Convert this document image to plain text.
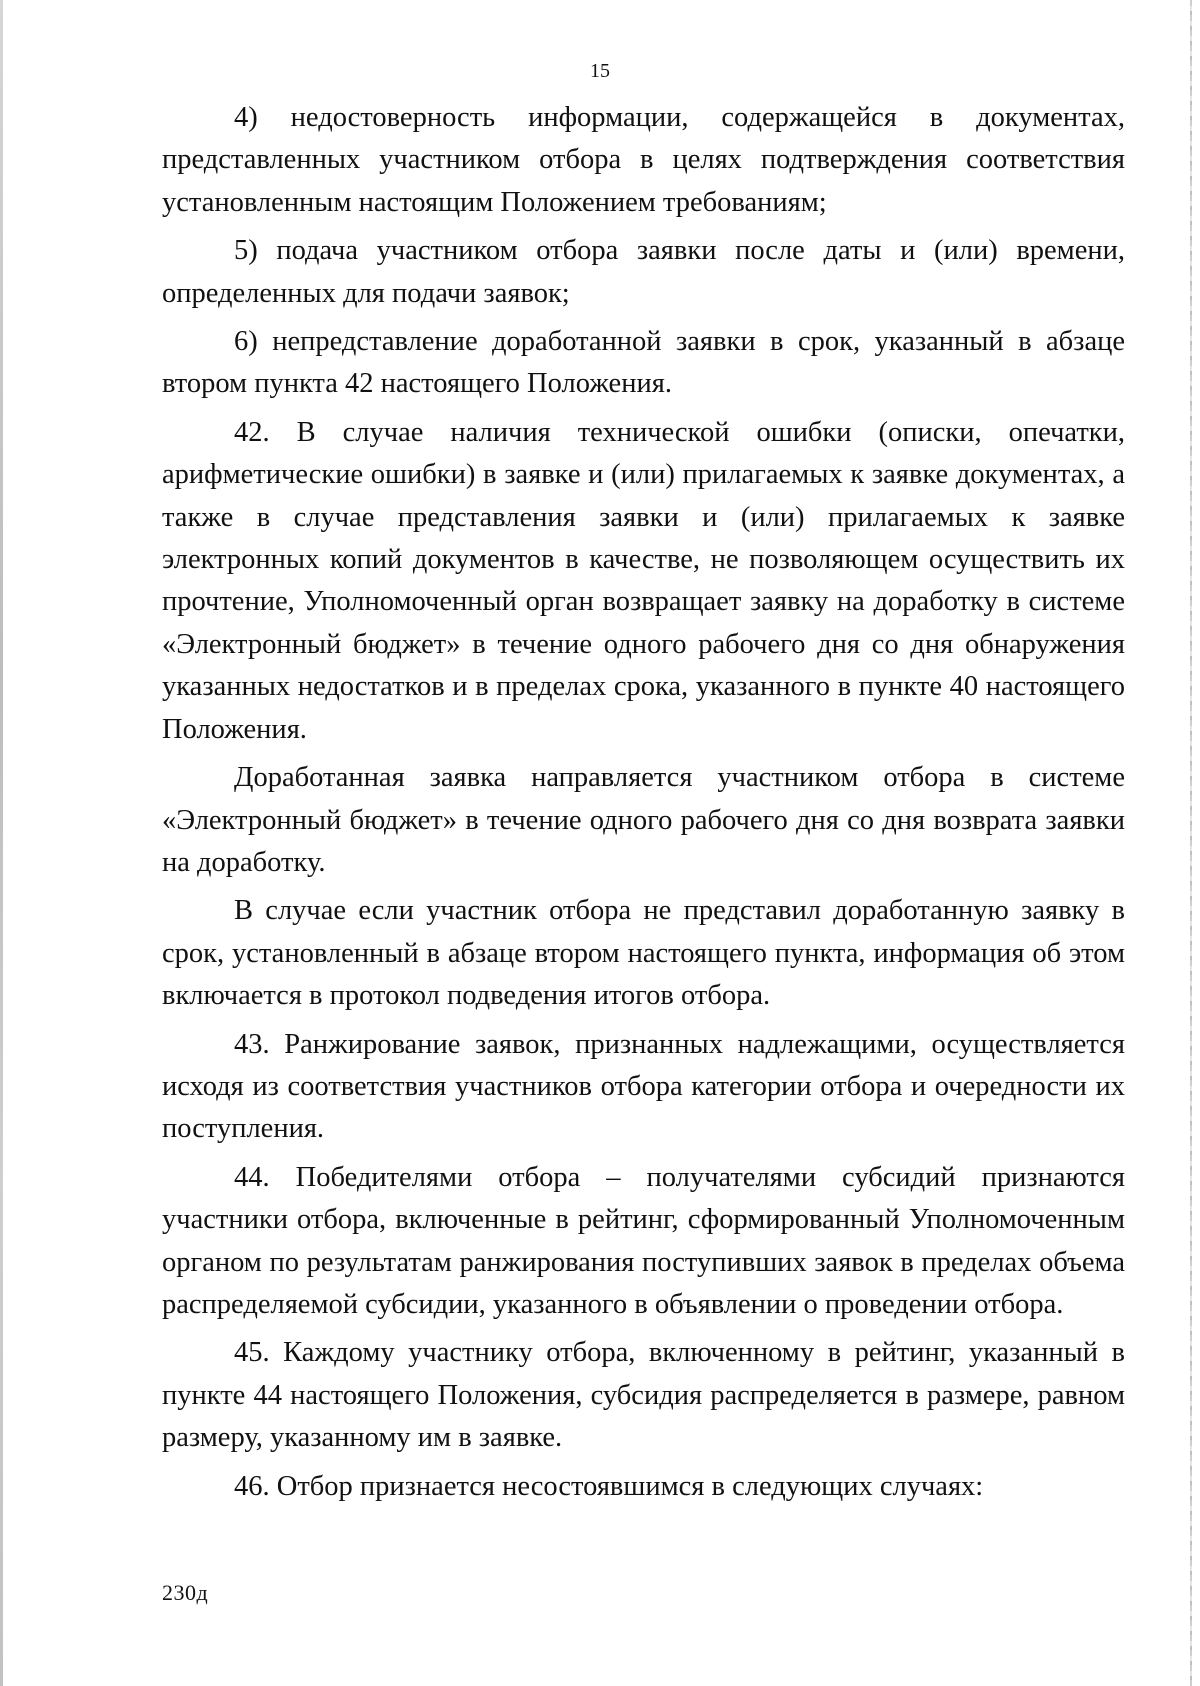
15

4) недостоверность информации, содержащейся в документах, представленных участником отбора в целях подтверждения соответствия установленным настоящим Положением требованиям;

5) подача участником отбора заявки после даты и (или) времени, определенных для подачи заявок;

6) непредставление доработанной заявки в срок, указанный в абзаце втором пункта 42 настоящего Положения.

42. В случае наличия технической ошибки (описки, опечатки, арифметические ошибки) в заявке и (или) прилагаемых к заявке документах, а также в случае представления заявки и (или) прилагаемых к заявке электронных копий документов в качестве, не позволяющем осуществить их прочтение, Уполномоченный орган возвращает заявку на доработку в системе «Электронный бюджет» в течение одного рабочего дня со дня обнаружения указанных недостатков и в пределах срока, указанного в пункте 40 настоящего Положения.

Доработанная заявка направляется участником отбора в системе «Электронный бюджет» в течение одного рабочего дня со дня возврата заявки на доработку.

В случае если участник отбора не представил доработанную заявку в срок, установленный в абзаце втором настоящего пункта, информация об этом включается в протокол подведения итогов отбора.

43. Ранжирование заявок, признанных надлежащими, осуществляется исходя из соответствия участников отбора категории отбора и очередности их поступления.

44. Победителями отбора – получателями субсидий признаются участники отбора, включенные в рейтинг, сформированный Уполномоченным органом по результатам ранжирования поступивших заявок в пределах объема распределяемой субсидии, указанного в объявлении о проведении отбора.

45. Каждому участнику отбора, включенному в рейтинг, указанный в пункте 44 настоящего Положения, субсидия распределяется в размере, равном размеру, указанному им в заявке.

46. Отбор признается несостоявшимся в следующих случаях:

230д
